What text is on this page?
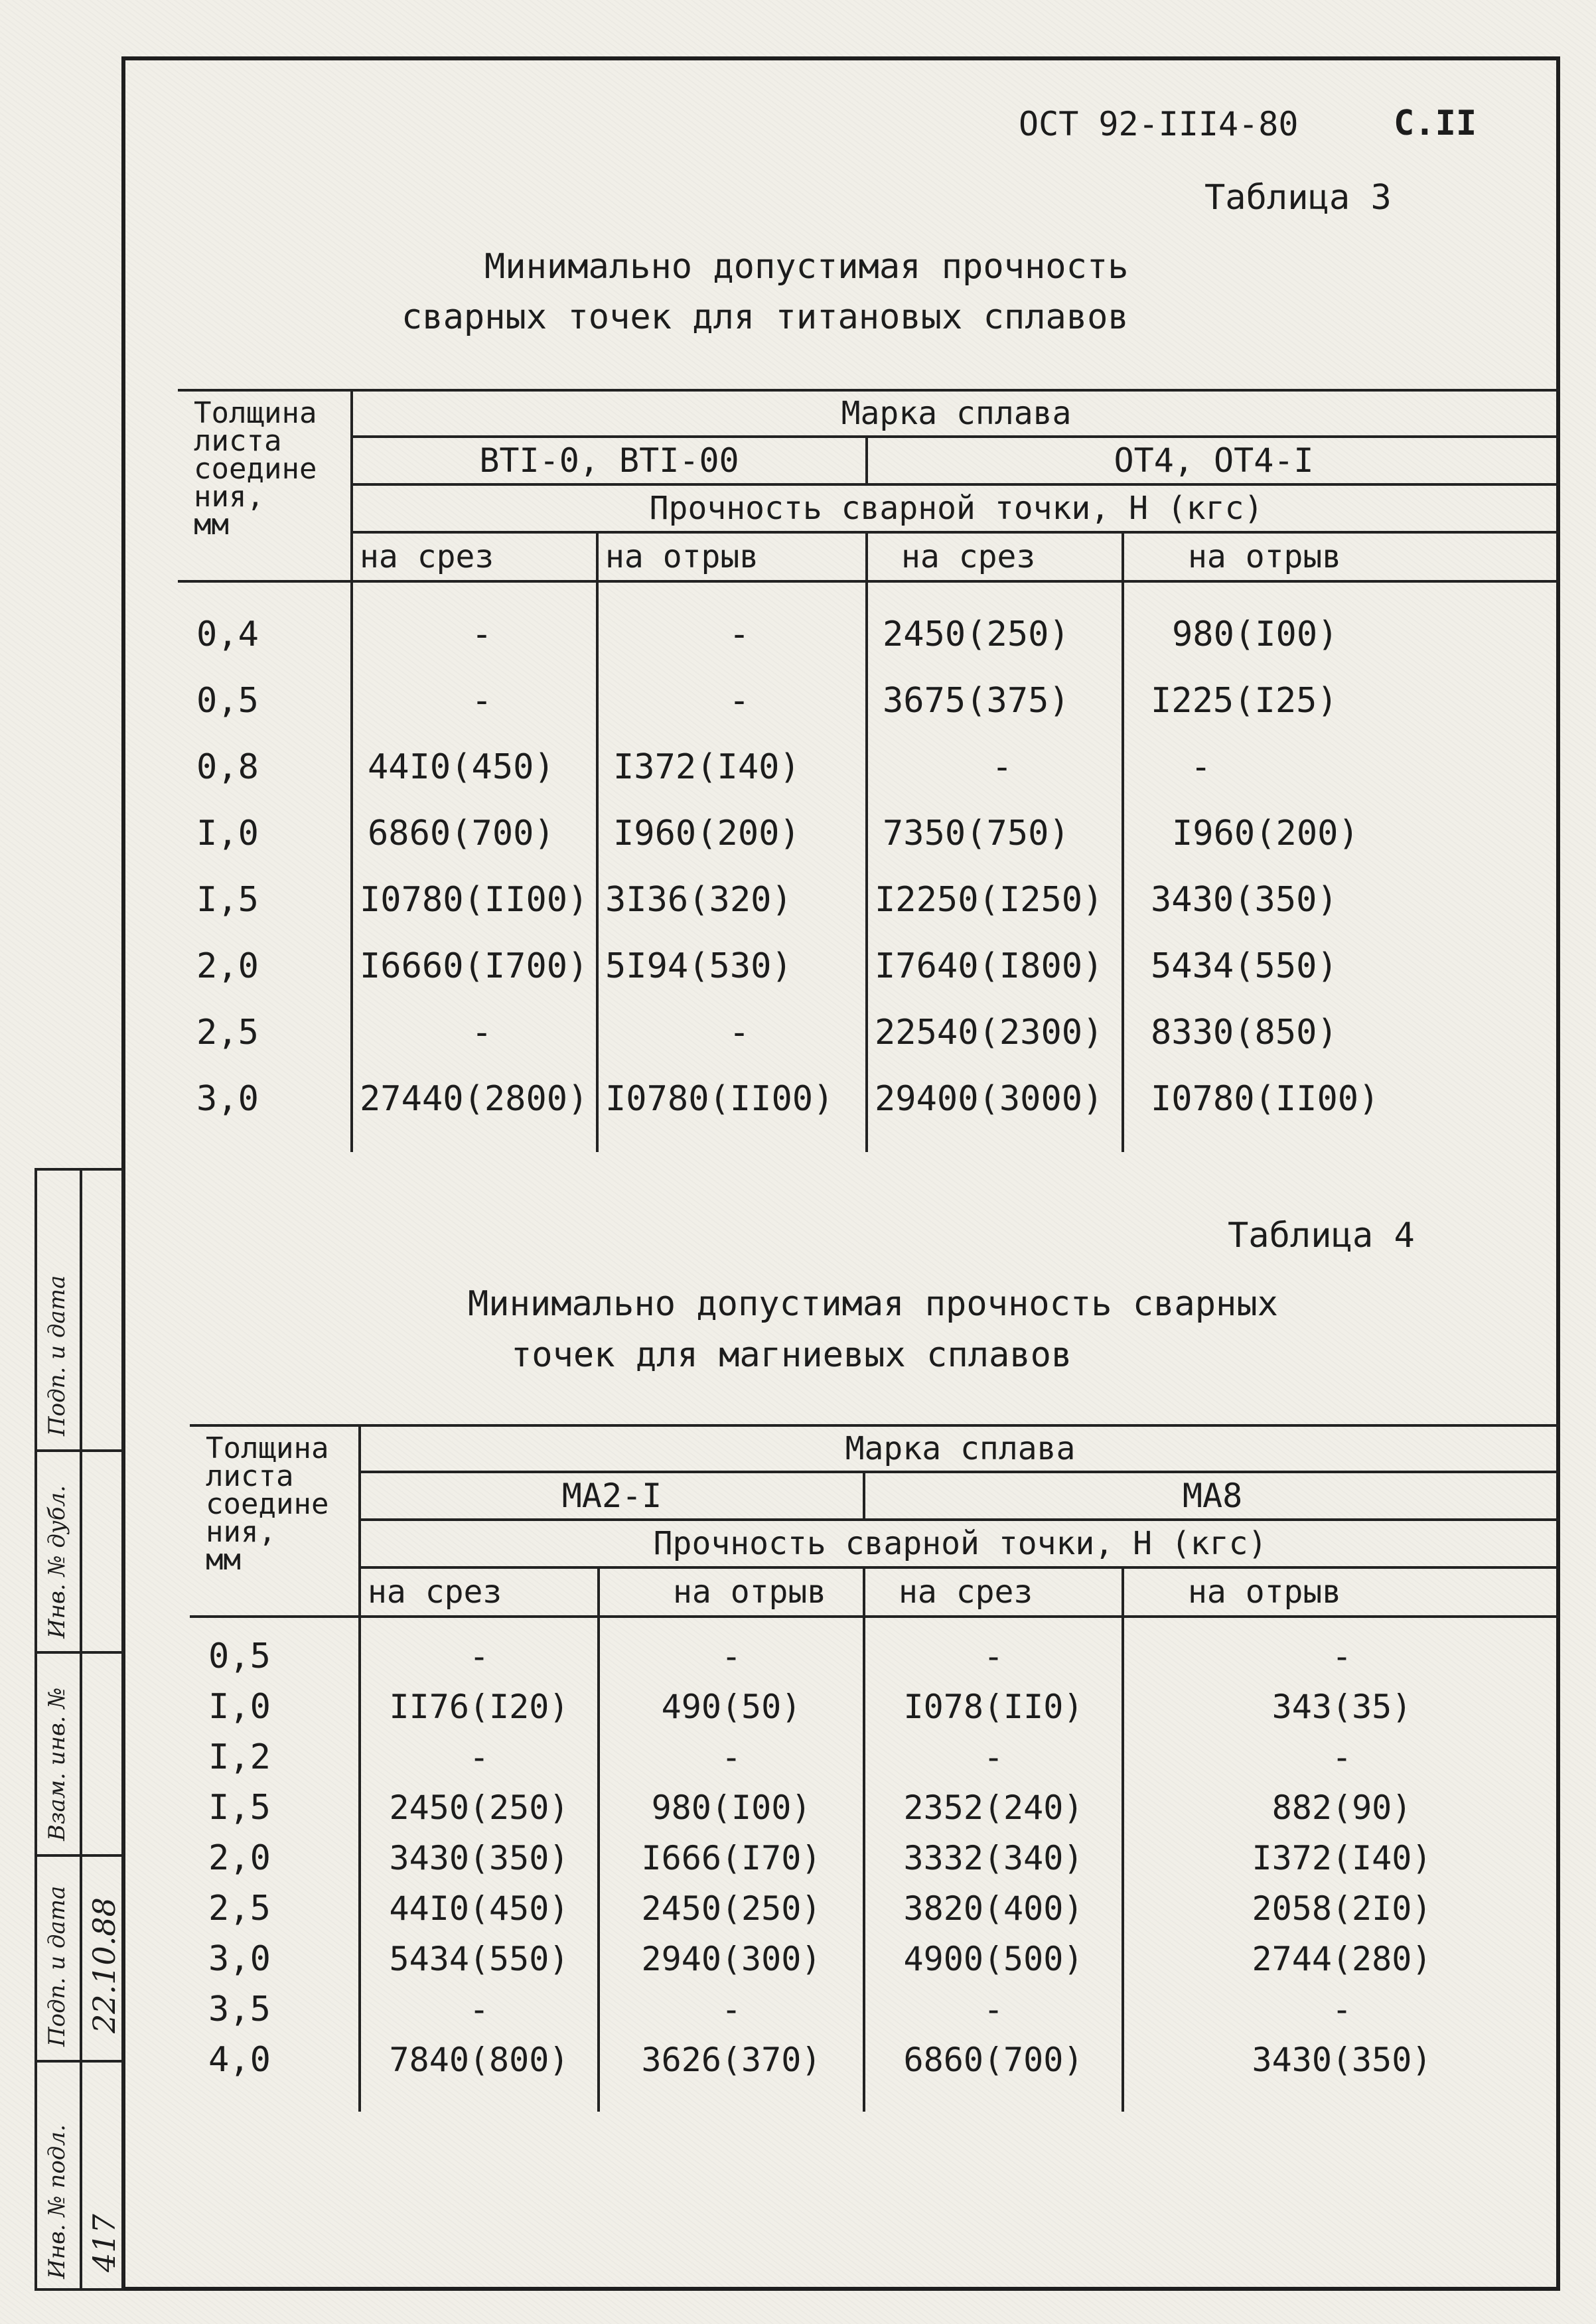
ОСТ 92-III4-80	С.II
Таблица 3
Минимально допустимая прочность
сварных точек для титановых сплавов
Толщина
листа
соедине
ния,
мм	Марка сплава			
	ВТI-0, ВТI-00		ОТ4, ОТ4-I	
	Прочность сварной точки, Н (кгс)			
	на срез	на отрыв	на срез	на отрыв

0,4	-	-	2450(250)	980(I00)
0,5	-	-	3675(375)	I225(I25)
0,8	44I0(450)	I372(I40)	-	-
I,0	6860(700)	I960(200)	7350(750)	I960(200)
I,5	I0780(II00)	3I36(320)	I2250(I250)	3430(350)
2,0	I6660(I700)	5I94(530)	I7640(I800)	5434(550)
2,5	-	-	22540(2300)	8330(850)
3,0	27440(2800)	I0780(II00)	29400(3000)	I0780(II00)

Таблица 4
Минимально допустимая прочность сварных
точек для магниевых сплавов
Толщина
листа
соедине
ния,
мм	Марка сплава			
	МА2-I		МА8	
	Прочность сварной точки, Н (кгс)			
	на срез	на отрыв	на срез	на отрыв

0,5	-	-	-	-
I,0	II76(I20)	490(50)	I078(II0)	343(35)
I,2	-	-	-	-
I,5	2450(250)	980(I00)	2352(240)	882(90)
2,0	3430(350)	I666(I70)	3332(340)	I372(I40)
2,5	44I0(450)	2450(250)	3820(400)	2058(2I0)
3,0	5434(550)	2940(300)	4900(500)	2744(280)
3,5	-	-	-	-
4,0	7840(800)	3626(370)	6860(700)	3430(350)

Инв. № подл.
Подп. и дата
Взам. инв. №
Инв. № дубл.
Подп. и дата
417
22.10.88
